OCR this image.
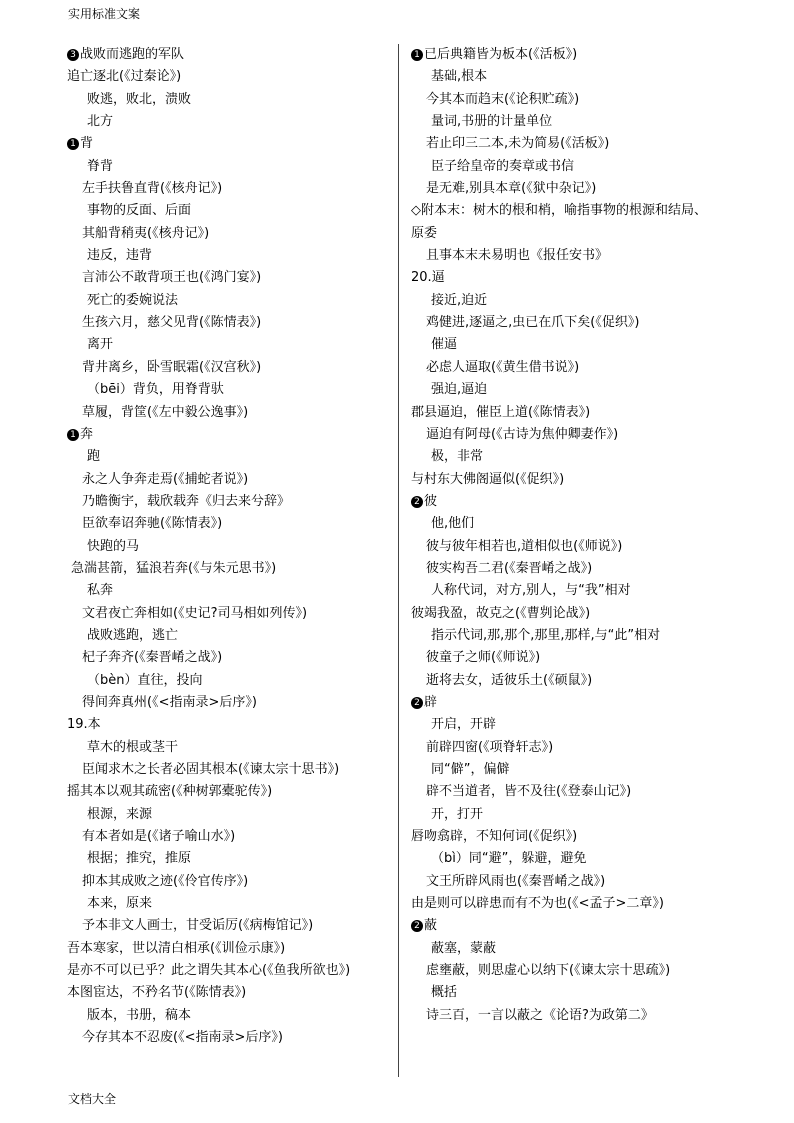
实用标准文案
3 战败而逃跑的军队
追亡逐北(《过秦论》)
败逃，败北，溃败
北方
1 背
脊背
左手扶鲁直背(《核舟记》)
事物的反面、后面
其船背稍夷(《核舟记》)
违反，违背
言沛公不敢背项王也(《鸿门宴》)
死亡的委婉说法
生孩六月，慈父见背(《陈情表》)
离开
背井离乡，卧雪眠霜(《汉宫秋》)
（bēi）背负，用脊背驮
草履，背筐(《左中毅公逸事》)
1 奔
跑
永之人争奔走焉(《捕蛇者说》)
乃瞻衡宇，载欣载奔《归去来兮辞》
臣欲奉诏奔驰(《陈情表》)
快跑的马
急湍甚箭，猛浪若奔(《与朱元思书》)
私奔
文君夜亡奔相如(《史记?司马相如列传》)
战败逃跑，逃亡
杞子奔齐(《秦晋崤之战》)
（bèn）直往，投向
得间奔真州(《<指南录>后序》)
19.本
草木的根或茎干
臣闻求木之长者必固其根本(《谏太宗十思书》)
摇其本以观其疏密(《种树郭橐驼传》)
根源，来源
有本者如是(《诸子喻山水》)
根据；推究，推原
抑本其成败之迹(《伶官传序》)
本来，原来
予本非文人画士，甘受诟厉(《病梅馆记》)
吾本寒家，世以清白相承(《训俭示康》)
是亦不可以已乎？此之谓失其本心(《鱼我所欲也》)
本图宦达，不矜名节(《陈情表》)
版本，书册，稿本
今存其本不忍废(《<指南录>后序》)
1 已后典籍皆为板本(《活板》)
基础,根本
今其本而趋末(《论积贮疏》)
量词,书册的计量单位
若止印三二本,未为简易(《活板》)
臣子给皇帝的奏章或书信
是无难,别具本章(《狱中杂记》)
◇附本末：树木的根和梢，喻指事物的根源和结局、
原委
且事本末未易明也《报任安书》
20.逼
接近,迫近
鸡健进,逐逼之,虫已在爪下矣(《促织》)
催逼
必虑人逼取(《黄生借书说》)
强迫,逼迫
郡县逼迫，催臣上道(《陈情表》)
逼迫有阿母(《古诗为焦仲卿妻作》)
极，非常
与村东大佛阁逼似(《促织》)
2 彼
他,他们
彼与彼年相若也,道相似也(《师说》)
彼实构吾二君(《秦晋崤之战》)
人称代词，对方,别人，与“我”相对
彼竭我盈，故克之(《曹刿论战》)
指示代词,那,那个,那里,那样,与“此”相对
彼童子之师(《师说》)
逝将去女，适彼乐土(《硕鼠》)
2 辟
开启，开辟
前辟四窗(《项脊轩志》)
同“僻”，偏僻
辟不当道者，皆不及往(《登泰山记》)
开，打开
唇吻翕辟，不知何词(《促织》)
（bì）同“避”，躲避，避免
文王所辟风雨也(《秦晋崤之战》)
由是则可以辟患而有不为也(《<孟子>二章》)
2 蔽
蔽塞，蒙蔽
虑壅蔽，则思虚心以纳下(《谏太宗十思疏》)
概括
诗三百，一言以蔽之《论语?为政第二》
文档大全
